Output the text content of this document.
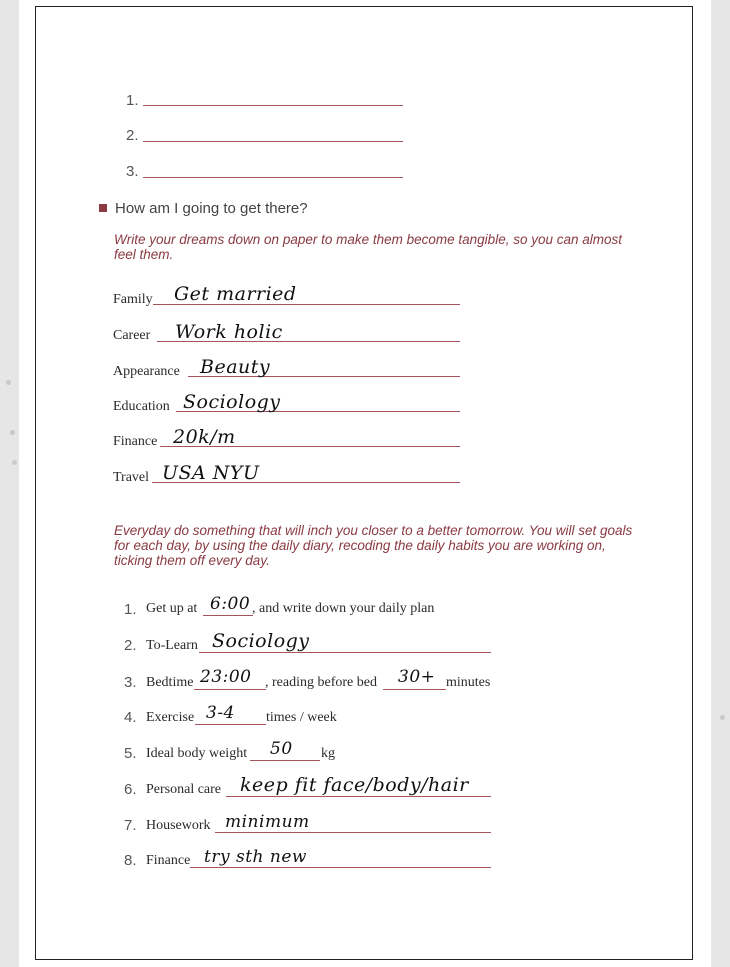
1.
2.
3.
How am I going to get there?
Write your dreams down on paper to make them become tangible, so you can almost feel them.
Family Get married
Career Work holic
Appearance Beauty
Education Sociology
Finance 20k/m
Travel USA NYU
Everyday do something that will inch you closer to a better tomorrow. You will set goals for each day, by using the daily diary, recoding the daily habits you are working on, ticking them off every day.
1. Get up at 6:00 , and write down your daily plan
2. To-Learn Sociology
3. Bedtime 23:00 , reading before bed 30+ minutes
4. Exercise 3-4 times / week
5. Ideal body weight 50 kg
6. Personal care keep fit face/body/hair
7. Housework minimum
8. Finance try sth new
